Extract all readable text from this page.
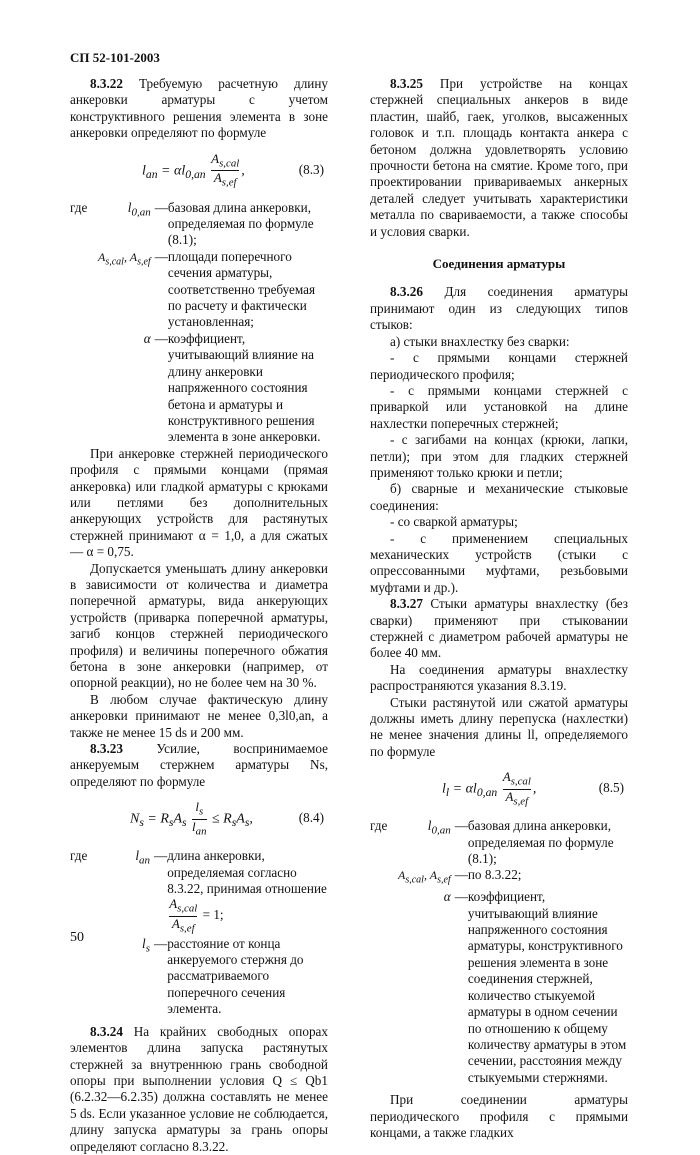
СП 52-101-2003

8.3.22 Требуемую расчетную длину анкеровки арматуры с учетом конструктивного решения элемента в зоне анкеровки определяют по формуле

$l_{an} = \alpha l_{0,an} \frac{A_{s,cal}}{A_{s,ef}}$ ,	(8.3)
где	$l_{0,an}$	—	базовая длина анкеровки, определяемая по формуле (8.1);
	$A_{s,cal}$, $A_{s,ef}$	—	площади поперечного сечения арматуры, соответственно требуемая по расчету и фактически установленная;
	α	—	коэффициент, учитывающий влияние на длину анкеровки напряженного состояния бетона и арматуры и конструктивного решения элемента в зоне анкеровки.

При анкеровке стержней периодического профиля с прямыми концами (прямая анкеровка) или гладкой арматуры с крюками или петлями без дополнительных анкерующих устройств для растянутых стержней принимают α = 1,0, а для сжатых — α = 0,75.

Допускается уменьшать длину анкеровки в зависимости от количества и диаметра поперечной арматуры, вида анкерующих устройств (приварка поперечной арматуры, загиб концов стержней периодического профиля) и величины поперечного обжатия бетона в зоне анкеровки (например, от опорной реакции), но не более чем на 30 %.

В любом случае фактическую длину анкеровки принимают не менее 0,3l0,an, а также не менее 15 ds и 200 мм.

8.3.23 Усилие, воспринимаемое анкеруемым стержнем арматуры Ns, определяют по формуле

$N_s = R_sA_s \frac{l_s}{l_{an}} \le R_sA_s$,	(8.4)
где	$l_{an}$	—	длина анкеровки, определяемая согласно 8.3.22, принимая отношение
$\frac{A_{s,cal}}{A_{s,ef}} = 1$;
	$l_s$	—	расстояние от конца анкеруемого стержня до рассматриваемого поперечного сечения элемента.

8.3.24 На крайних свободных опорах элементов длина запуска растянутых стержней за внутреннюю грань свободной опоры при выполнении условия Q ≤ Qb1 (6.2.32—6.2.35) должна составлять не менее 5 ds. Если указанное условие не соблюдается, длину запуска арматуры за грань опоры определяют согласно 8.3.22.

8.3.25 При устройстве на концах стержней специальных анкеров в виде пластин, шайб, гаек, уголков, высаженных головок и т.п. площадь контакта анкера с бетоном должна удовлетворять условию прочности бетона на смятие. Кроме того, при проектировании привариваемых анкерных деталей следует учитывать характеристики металла по свариваемости, а также способы и условия сварки.

Соединения арматуры

8.3.26 Для соединения арматуры принимают один из следующих типов стыков:

а) стыки внахлестку без сварки:

- с прямыми концами стержней периодического профиля;

- с прямыми концами стержней с приваркой или установкой на длине нахлестки поперечных стержней;

- с загибами на концах (крюки, лапки, петли); при этом для гладких стержней применяют только крюки и петли;

б) сварные и механические стыковые соединения:

- со сваркой арматуры;

- с применением специальных механических устройств (стыки с опрессованными муфтами, резьбовыми муфтами и др.).

8.3.27 Стыки арматуры внахлестку (без сварки) применяют при стыковании стержней с диаметром рабочей арматуры не более 40 мм.

На соединения арматуры внахлестку распространяются указания 8.3.19.

Стыки растянутой или сжатой арматуры должны иметь длину перепуска (нахлестки) не менее значения длины ll, определяемого по формуле

$l_l = \alpha l_{0,an} \frac{A_{s,cal}}{A_{s,ef}}$ ,	(8.5)
где	$l_{0,an}$	—	базовая длина анкеровки, определяемая по формуле (8.1);
	$A_{s,cal}$, $A_{s,ef}$	—	по 8.3.22;
	α	—	коэффициент, учитывающий влияние напряженного состояния арматуры, конструктивного решения элемента в зоне соединения стержней, количество стыкуемой арматуры в одном сечении по отношению к общему количеству арматуры в этом сечении, расстояния между стыкуемыми стержнями.

При соединении арматуры периодического профиля с прямыми концами, а также гладких

50
